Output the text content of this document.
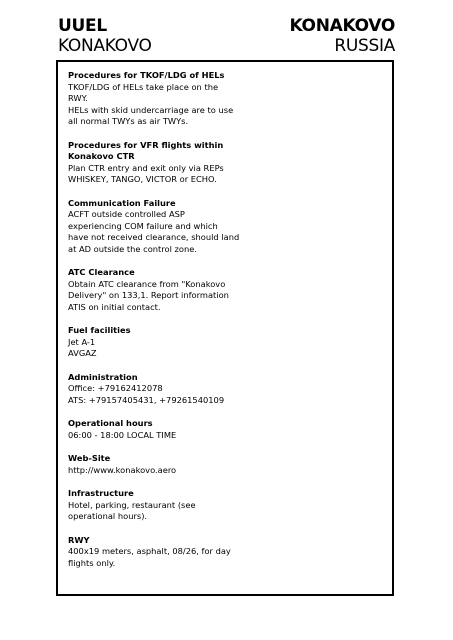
UUEL
KONAKOVO
KONAKOVO
RUSSIA
Procedures for TKOF/LDG of HELs
TKOF/LDG of HELs take place on the
RWY.
HELs with skid undercarriage are to use
all normal TWYs as air TWYs.
Procedures for VFR flights within
Konakovo CTR
Plan CTR entry and exit only via REPs
WHISKEY, TANGO, VICTOR or ECHO.
Communication Failure
ACFT outside controlled ASP
experiencing COM failure and which
have not received clearance, should land
at AD outside the control zone.
ATC Clearance
Obtain ATC clearance from "Konakovo
Delivery" on 133,1. Report information
ATIS on initial contact.
Fuel facilities
Jet A-1
AVGAZ
Administration
Office: +79162412078
ATS: +79157405431, +79261540109
Operational hours
06:00 - 18:00 LOCAL TIME
Web-Site
http://www.konakovo.aero
Infrastructure
Hotel, parking, restaurant (see
operational hours).
RWY
400x19 meters, asphalt, 08/26, for day
flights only.
